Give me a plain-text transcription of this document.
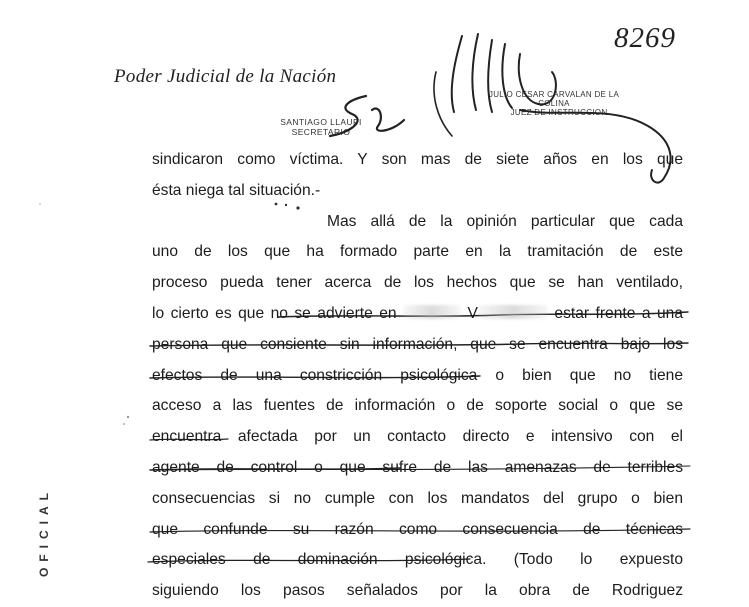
8269
Poder Judicial de la Nación
SANTIAGO LLAUPI
SECRETARIO
JULIO CESAR CARVALAN DE LA COLINA
JUEZ DE INSTRUCCION
sindicaron como víctima. Y son mas de siete años en los que
ésta niega tal situación.-
Mas allá de la opinión particular que cada
uno de los que ha formado parte en la tramitación de este
proceso pueda tener acerca de los hechos que se han ventilado,
lo cierto es que no se advierte en	V	estar frente a una
persona que consiente sin información, que se encuentra bajo los
efectos de una constricción psicológica o bien que no tiene
acceso a las fuentes de información o de soporte social o que se
encuentra afectada por un contacto directo e intensivo con el
agente de control o que sufre de las amenazas de terribles
consecuencias si no cumple con los mandatos del grupo o bien
que confunde su razón como consecuencia de técnicas
especiales de dominación psicológica. (Todo lo expuesto
siguiendo los pasos señalados por la obra de Rodriguez
OFICIAL
